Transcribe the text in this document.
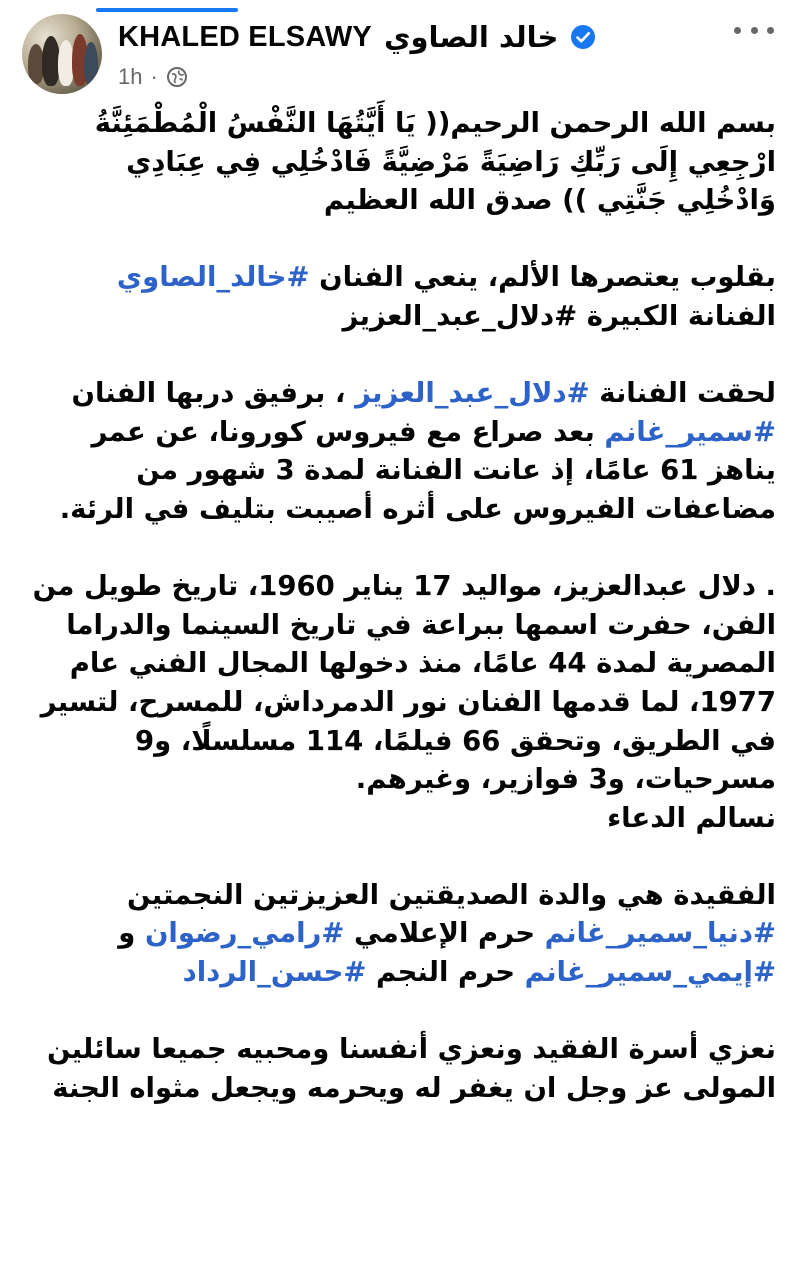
KHALED ELSAWY خالد الصاوي
1h ·
بسم الله الرحمن الرحيم(( يَا أَيَّتُهَا النَّفْسُ الْمُطْمَئِنَّةُ
ارْجِعِي إِلَى رَبِّكِ رَاضِيَةً مَرْضِيَّةً فَادْخُلِي فِي عِبَادِي
وَادْخُلِي جَنَّتِي )) صدق الله العظيم
بقلوب يعتصرها الألم، ينعي الفنان #خالد_الصاوي
الفنانة الكبيرة #دلال_عبد_العزيز
لحقت الفنانة #دلال_عبد_العزيز ، برفيق دربها الفنان
#سمير_غانم بعد صراع مع فيروس كورونا، عن عمر
يناهز 61 عامًا، إذ عانت الفنانة لمدة 3 شهور من
مضاعفات الفيروس على أثره أصيبت بتليف في الرئة.
. دلال عبدالعزيز، مواليد 17 يناير 1960، تاريخ طويل من
الفن، حفرت اسمها ببراعة في تاريخ السينما والدراما
المصرية لمدة 44 عامًا، منذ دخولها المجال الفني عام
1977، لما قدمها الفنان نور الدمرداش، للمسرح، لتسير
في الطريق، وتحقق 66 فيلمًا، 114 مسلسلًا، و9
مسرحيات، و3 فوازير، وغيرهم.
نسالم الدعاء
الفقيدة هي والدة الصديقتين العزيزتين النجمتين
#دنيا_سمير_غانم حرم الإعلامي #رامي_رضوان و
#إيمي_سمير_غانم حرم النجم #حسن_الرداد
نعزي أسرة الفقيد ونعزي أنفسنا ومحبيه جميعا سائلين
المولى عز وجل ان يغفر له ويحرمه ويجعل مثواه الجنة
